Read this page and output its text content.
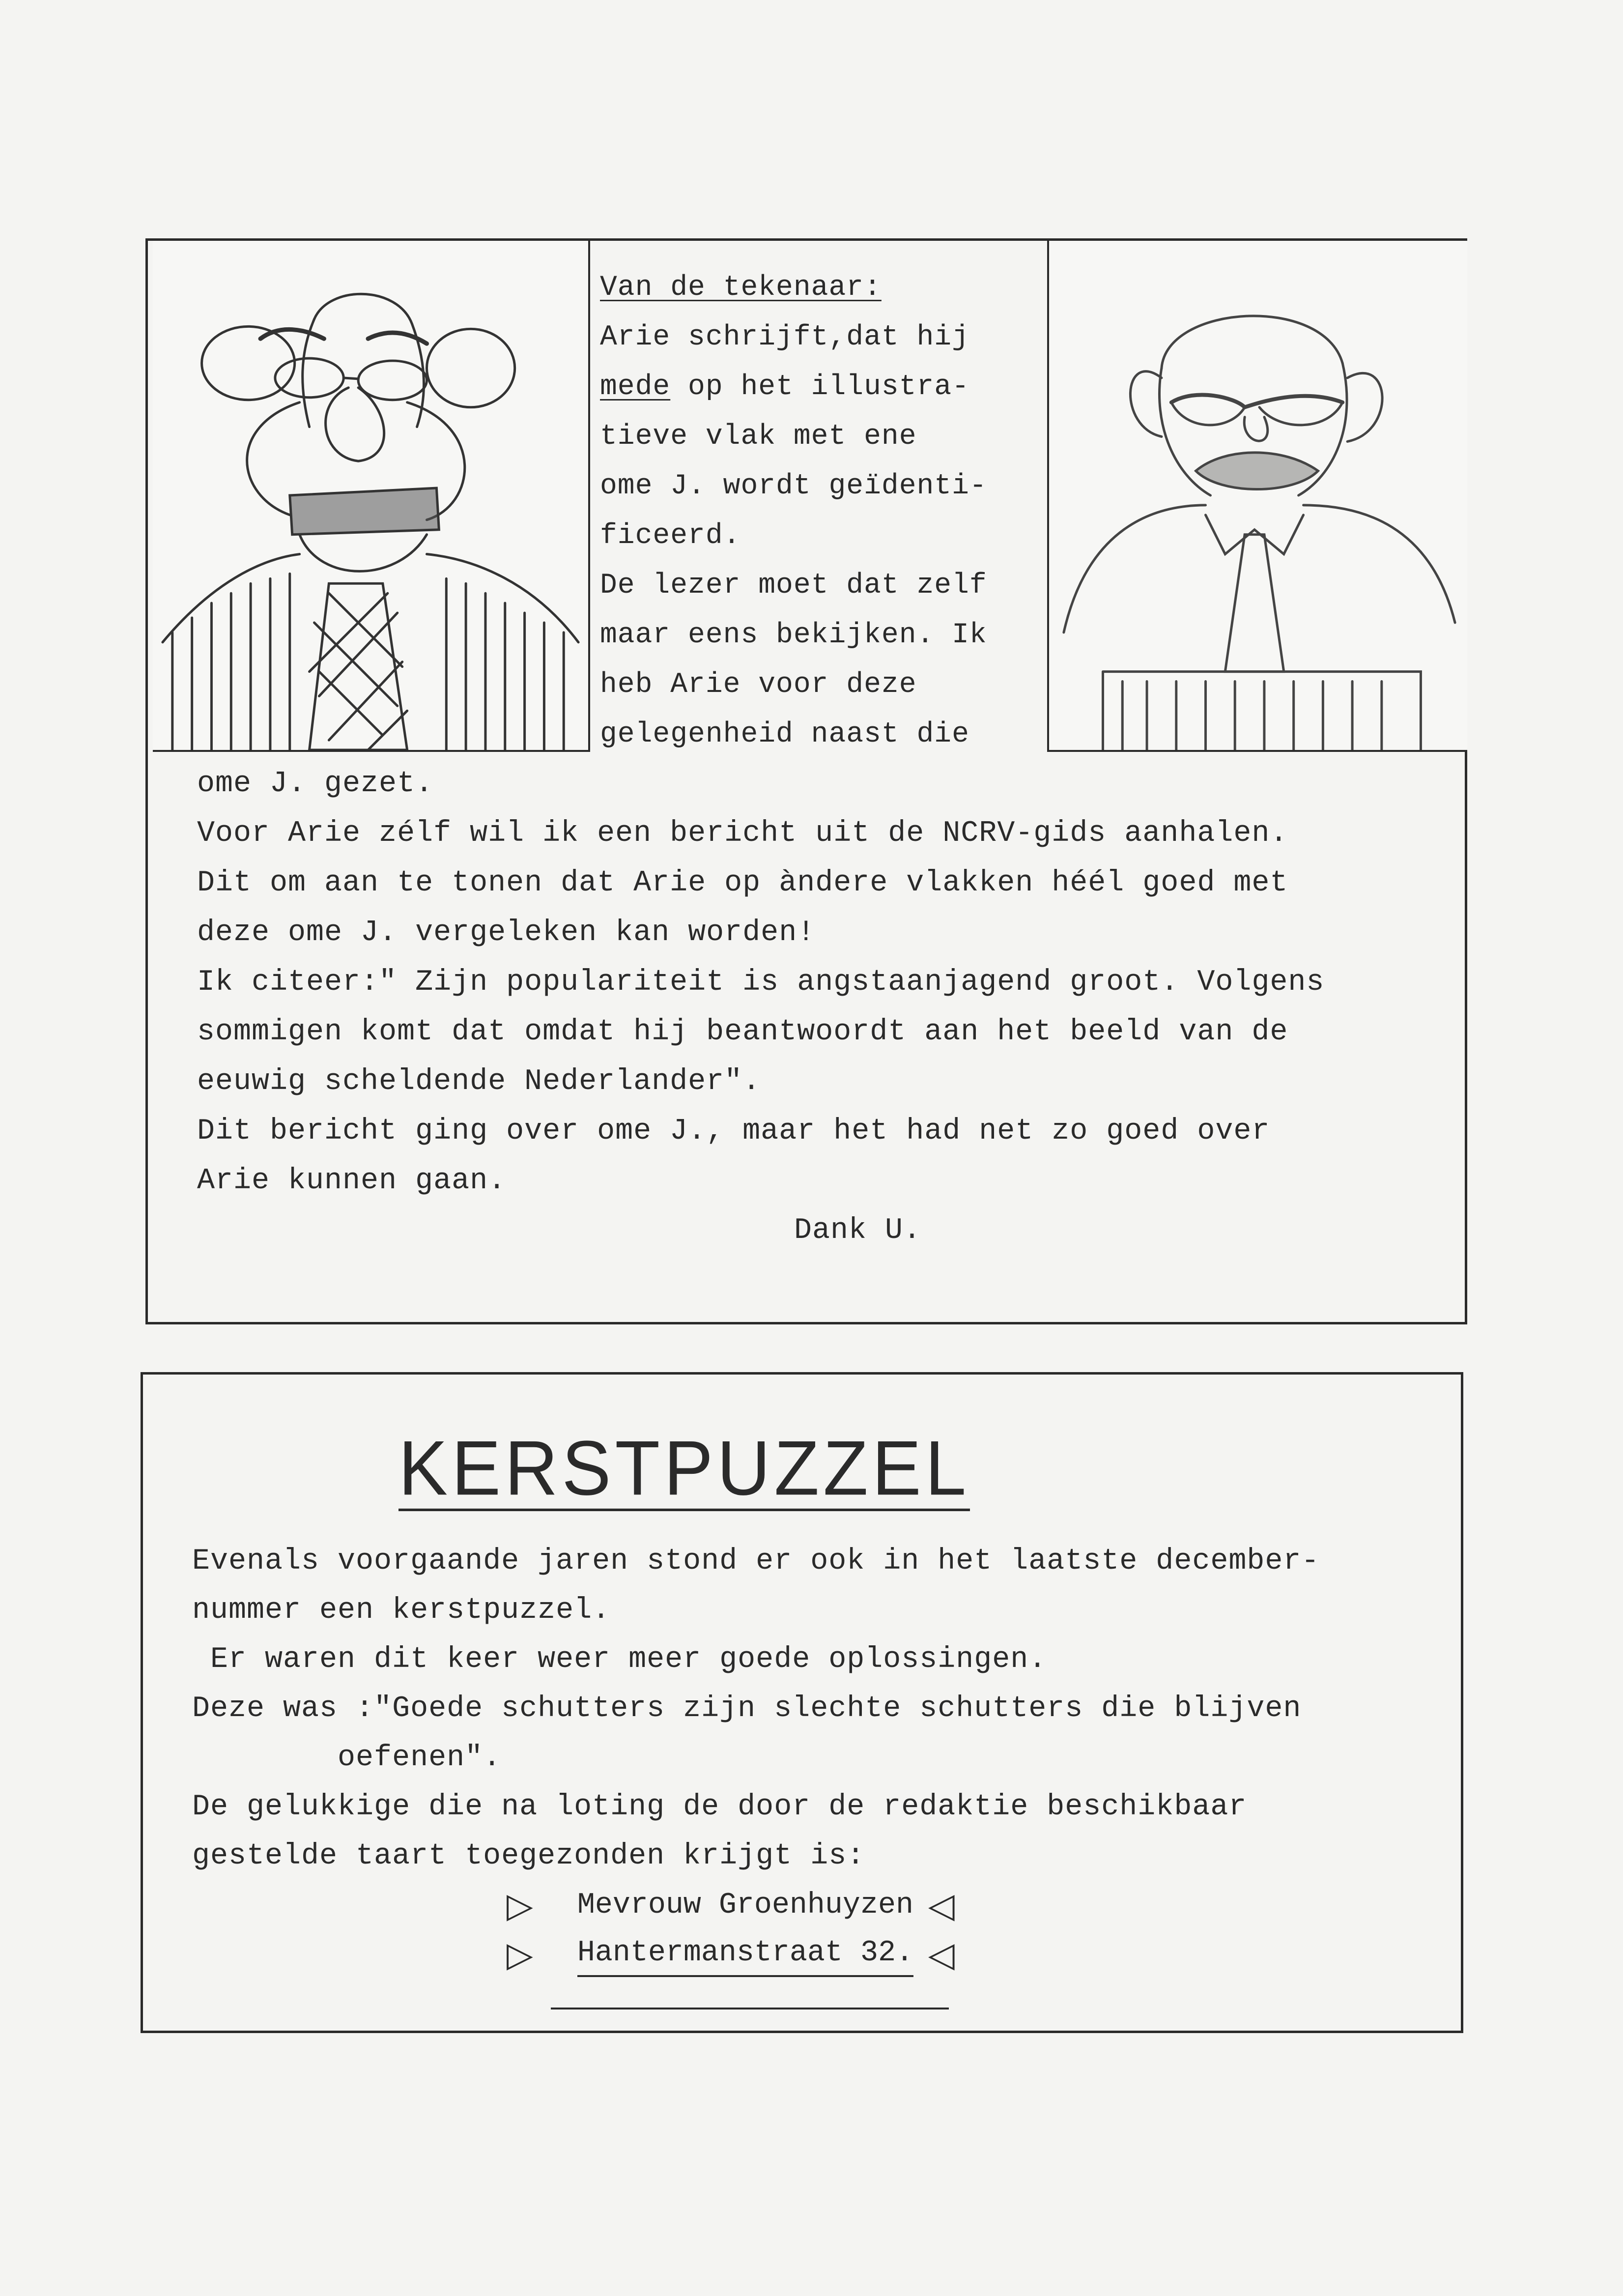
Van de tekenaar:

Arie schrijft,dat hij

mede op het illustra-

tieve vlak met ene

ome J. wordt geïdenti-

ficeerd.

De lezer moet dat zelf

maar eens bekijken. Ik

heb Arie voor deze

gelegenheid naast die

ome J. gezet.

Voor Arie zélf wil ik een bericht uit de NCRV-gids aanhalen.

Dit om aan te tonen dat Arie op àndere vlakken héél goed met

deze ome J. vergeleken kan worden!

Ik citeer:" Zijn populariteit is angstaanjagend groot. Volgens

sommigen komt dat omdat hij beantwoordt aan het beeld van de

eeuwig scheldende Nederlander".

Dit bericht ging over ome J., maar het had net zo goed over

Arie kunnen gaan.

Dank U.

KERSTPUZZEL

Evenals voorgaande jaren stond er ook in het laatste december-

nummer een kerstpuzzel.

Er waren dit keer weer meer goede oplossingen.

Deze was :"Goede schutters zijn slechte schutters die blijven

oefenen".

De gelukkige die na loting de door de redaktie beschikbaar

gestelde taart toegezonden krijgt is:

▷ Mevrouw Groenhuyzen ◁
▷ Hantermanstraat 32. ◁
